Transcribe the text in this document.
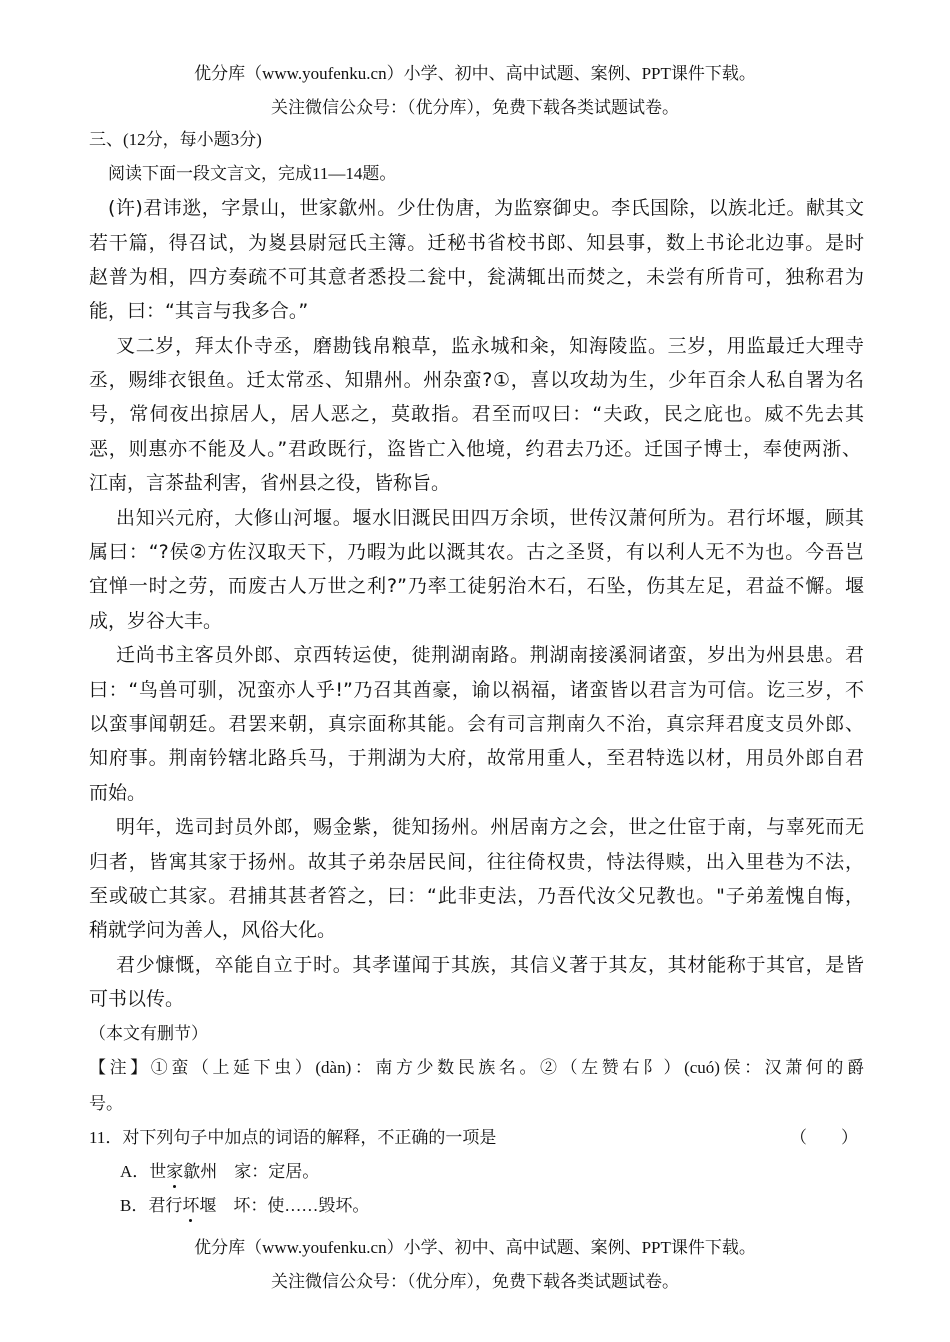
优分库（www.youfenku.cn）小学、初中、高中试题、案例、PPT课件下载。
关注微信公众号：（优分库），免费下载各类试题试卷。
三、(12分，每小题3分)
阅读下面一段文言文，完成11—14题。
(许)君讳逖，字景山，世家歙州。少仕伪唐，为监察御史。李氏国除，以族北迁。献其文
若干篇，得召试，为嵏县尉冠氏主簿。迁秘书省校书郎、知县事，数上书论北边事。是时
赵普为相，四方奏疏不可其意者悉投二瓮中，瓮满辄出而焚之，未尝有所肯可，独称君为
能，曰：“其言与我多合。”
叉二岁，拜太仆寺丞，磨勘钱帛粮草，监永城和籴，知海陵监。三岁，用监最迁大理寺
丞，赐绯衣银鱼。迁太常丞、知鼎州。州杂蛮?①，喜以攻劫为生，少年百余人私自署为名
号，常伺夜出掠居人，居人恶之，莫敢指。君至而叹曰：“夫政，民之庇也。威不先去其
恶，则惠亦不能及人。”君政既行，盗皆亡入他境，约君去乃还。迁国子博士，奉使两浙、
江南，言茶盐利害，省州县之役，皆称旨。
出知兴元府，大修山河堰。堰水旧溉民田四万余顷，世传汉萧何所为。君行坏堰，顾其
属曰：“?侯②方佐汉取天下，乃暇为此以溉其农。古之圣贤，有以利人无不为也。今吾岂
宜惮一时之劳，而废古人万世之利?”乃率工徒躬治木石，石坠，伤其左足，君益不懈。堰
成，岁谷大丰。
迁尚书主客员外郎、京西转运使，徙荆湖南路。荆湖南接溪洞诸蛮，岁出为州县患。君
曰：“鸟兽可驯，况蛮亦人乎!”乃召其酋豪，谕以祸福，诸蛮皆以君言为可信。讫三岁，不
以蛮事闻朝廷。君罢来朝，真宗面称其能。会有司言荆南久不治，真宗拜君度支员外郎、
知府事。荆南钤辖北路兵马，于荆湖为大府，故常用重人，至君特选以材，用员外郎自君
而始。
明年，选司封员外郎，赐金紫，徙知扬州。州居南方之会，世之仕宦于南，与辜死而无
归者，皆寓其家于扬州。故其子弟杂居民间，往往倚权贵，恃法得赎，出入里巷为不法，
至或破亡其家。君捕其甚者笞之，曰：“此非吏法，乃吾代汝父兄教也。"子弟羞愧自悔，
稍就学问为善人，风俗大化。
君少慷慨，卒能自立于时。其孝谨闻于其族，其信义著于其友，其材能称于其官，是皆
可书以传。
（本文有删节）
【注】①蛮（上延下虫）(dàn)：南方少数民族名。②（左赞右阝）(cuó)侯：汉萧何的爵
号。
11．对下列句子中加点的词语的解释，不正确的一项是	（　　）
A．世家歙州 家：定居。
B．君行坏堰 坏：使……毁坏。
优分库（www.youfenku.cn）小学、初中、高中试题、案例、PPT课件下载。
关注微信公众号：（优分库），免费下载各类试题试卷。
